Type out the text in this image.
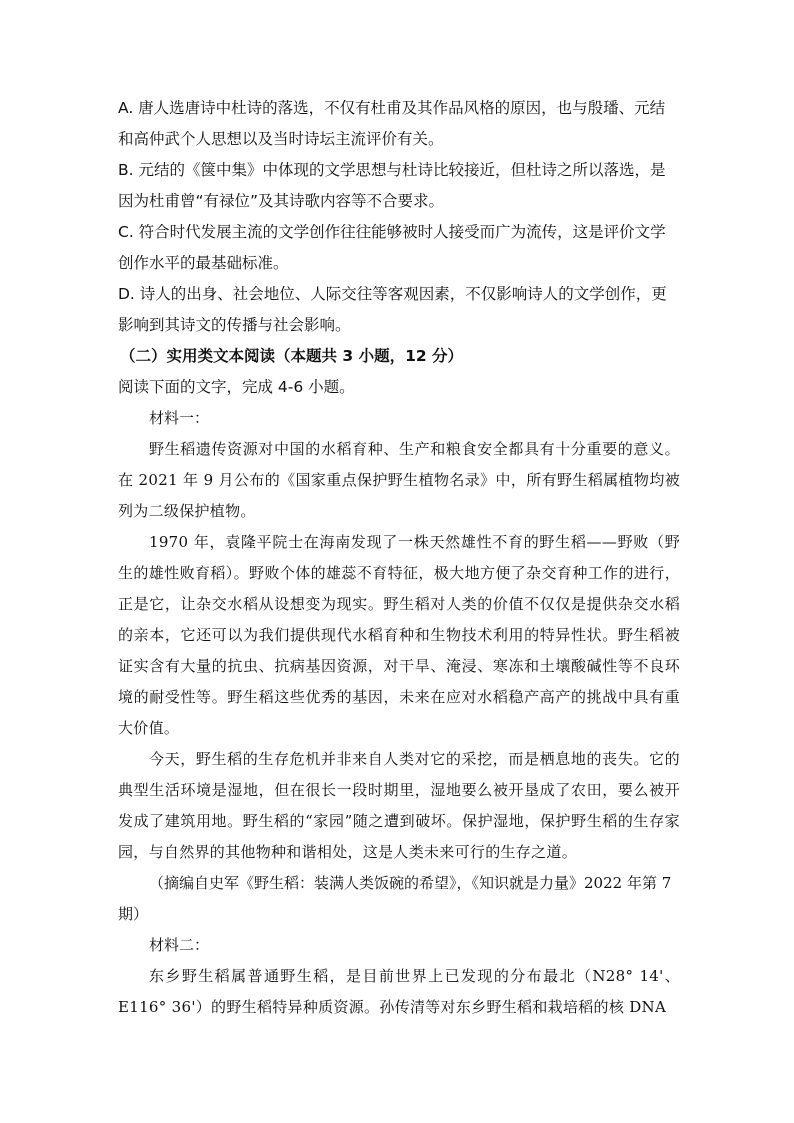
A. 唐人选唐诗中杜诗的落选，不仅有杜甫及其作品风格的原因，也与殷璠、元结和高仲武个人思想以及当时诗坛主流评价有关。

B. 元结的《箧中集》中体现的文学思想与杜诗比较接近，但杜诗之所以落选，是因为杜甫曾“有禄位”及其诗歌内容等不合要求。

C. 符合时代发展主流的文学创作往往能够被时人接受而广为流传，这是评价文学创作水平的最基础标准。

D. 诗人的出身、社会地位、人际交往等客观因素，不仅影响诗人的文学创作，更影响到其诗文的传播与社会影响。

（二）实用类文本阅读（本题共 3 小题，12 分）

阅读下面的文字，完成 4-6 小题。

材料一：

野生稻遗传资源对中国的水稻育种、生产和粮食安全都具有十分重要的意义。在 2021 年 9 月公布的《国家重点保护野生植物名录》中，所有野生稻属植物均被列为二级保护植物。

1970 年，袁隆平院士在海南发现了一株天然雄性不育的野生稻——野败（野生的雄性败育稻）。野败个体的雄蕊不育特征，极大地方便了杂交育种工作的进行，正是它，让杂交水稻从设想变为现实。野生稻对人类的价值不仅仅是提供杂交水稻的亲本，它还可以为我们提供现代水稻育种和生物技术利用的特异性状。野生稻被证实含有大量的抗虫、抗病基因资源，对干旱、淹浸、寒冻和土壤酸碱性等不良环境的耐受性等。野生稻这些优秀的基因，未来在应对水稻稳产高产的挑战中具有重大价值。

今天，野生稻的生存危机并非来自人类对它的采挖，而是栖息地的丧失。它的典型生活环境是湿地，但在很长一段时期里，湿地要么被开垦成了农田，要么被开发成了建筑用地。野生稻的“家园”随之遭到破坏。保护湿地，保护野生稻的生存家园，与自然界的其他物种和谐相处，这是人类未来可行的生存之道。

（摘编自史军《野生稻：装满人类饭碗的希望》，《知识就是力量》2022 年第 7 期）

材料二：

东乡野生稻属普通野生稻，是目前世界上已发现的分布最北（N28° 14'、E116° 36'）的野生稻特异种质资源。孙传清等对东乡野生稻和栽培稻的核 DNA
